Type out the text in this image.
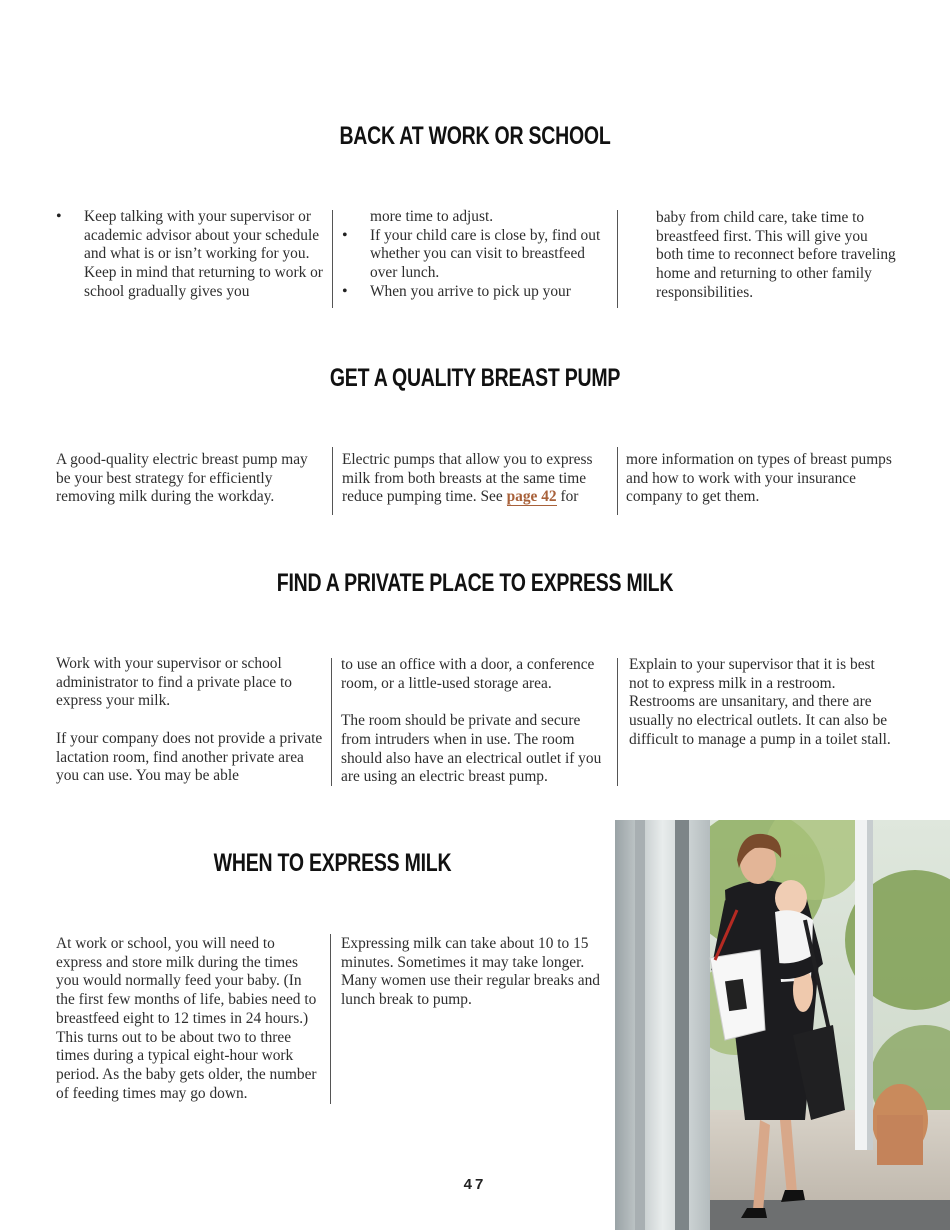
BACK AT WORK OR SCHOOL
• Keep talking with your supervisor or academic advisor about your schedule and what is or isn’t working for you. Keep in mind that returning to work or school gradually gives you
more time to adjust.
• If your child care is close by, find out whether you can visit to breastfeed over lunch.
• When you arrive to pick up your
baby from child care, take time to breastfeed first. This will give you both time to reconnect before traveling home and returning to other family responsibilities.
GET A QUALITY BREAST PUMP

A good-quality electric breast pump may be your best strategy for efficiently removing milk during the workday.

Electric pumps that allow you to express milk from both breasts at the same time reduce pumping time. See page 42 for

more information on types of breast pumps and how to work with your insurance company to get them.

FIND A PRIVATE PLACE TO EXPRESS MILK

Work with your supervisor or school administrator to find a private place to express your milk.

If your company does not provide a private lactation room, find another private area you can use. You may be able

to use an office with a door, a conference room, or a little-used storage area.

The room should be private and secure from intruders when in use. The room should also have an electrical outlet if you are using an electric breast pump.

Explain to your supervisor that it is best not to express milk in a restroom. Restrooms are unsanitary, and there are usually no electrical outlets. It can also be difficult to manage a pump in a toilet stall.

WHEN TO EXPRESS MILK

At work or school, you will need to express and store milk during the times you would normally feed your baby. (In the first few months of life, babies need to breastfeed eight to 12 times in 24 hours.) This turns out to be about two to three times during a typical eight-hour work period. As the baby gets older, the number of feeding times may go down.

Expressing milk can take about 10 to 15 minutes. Sometimes it may take longer. Many women use their regular breaks and lunch break to pump.

47
